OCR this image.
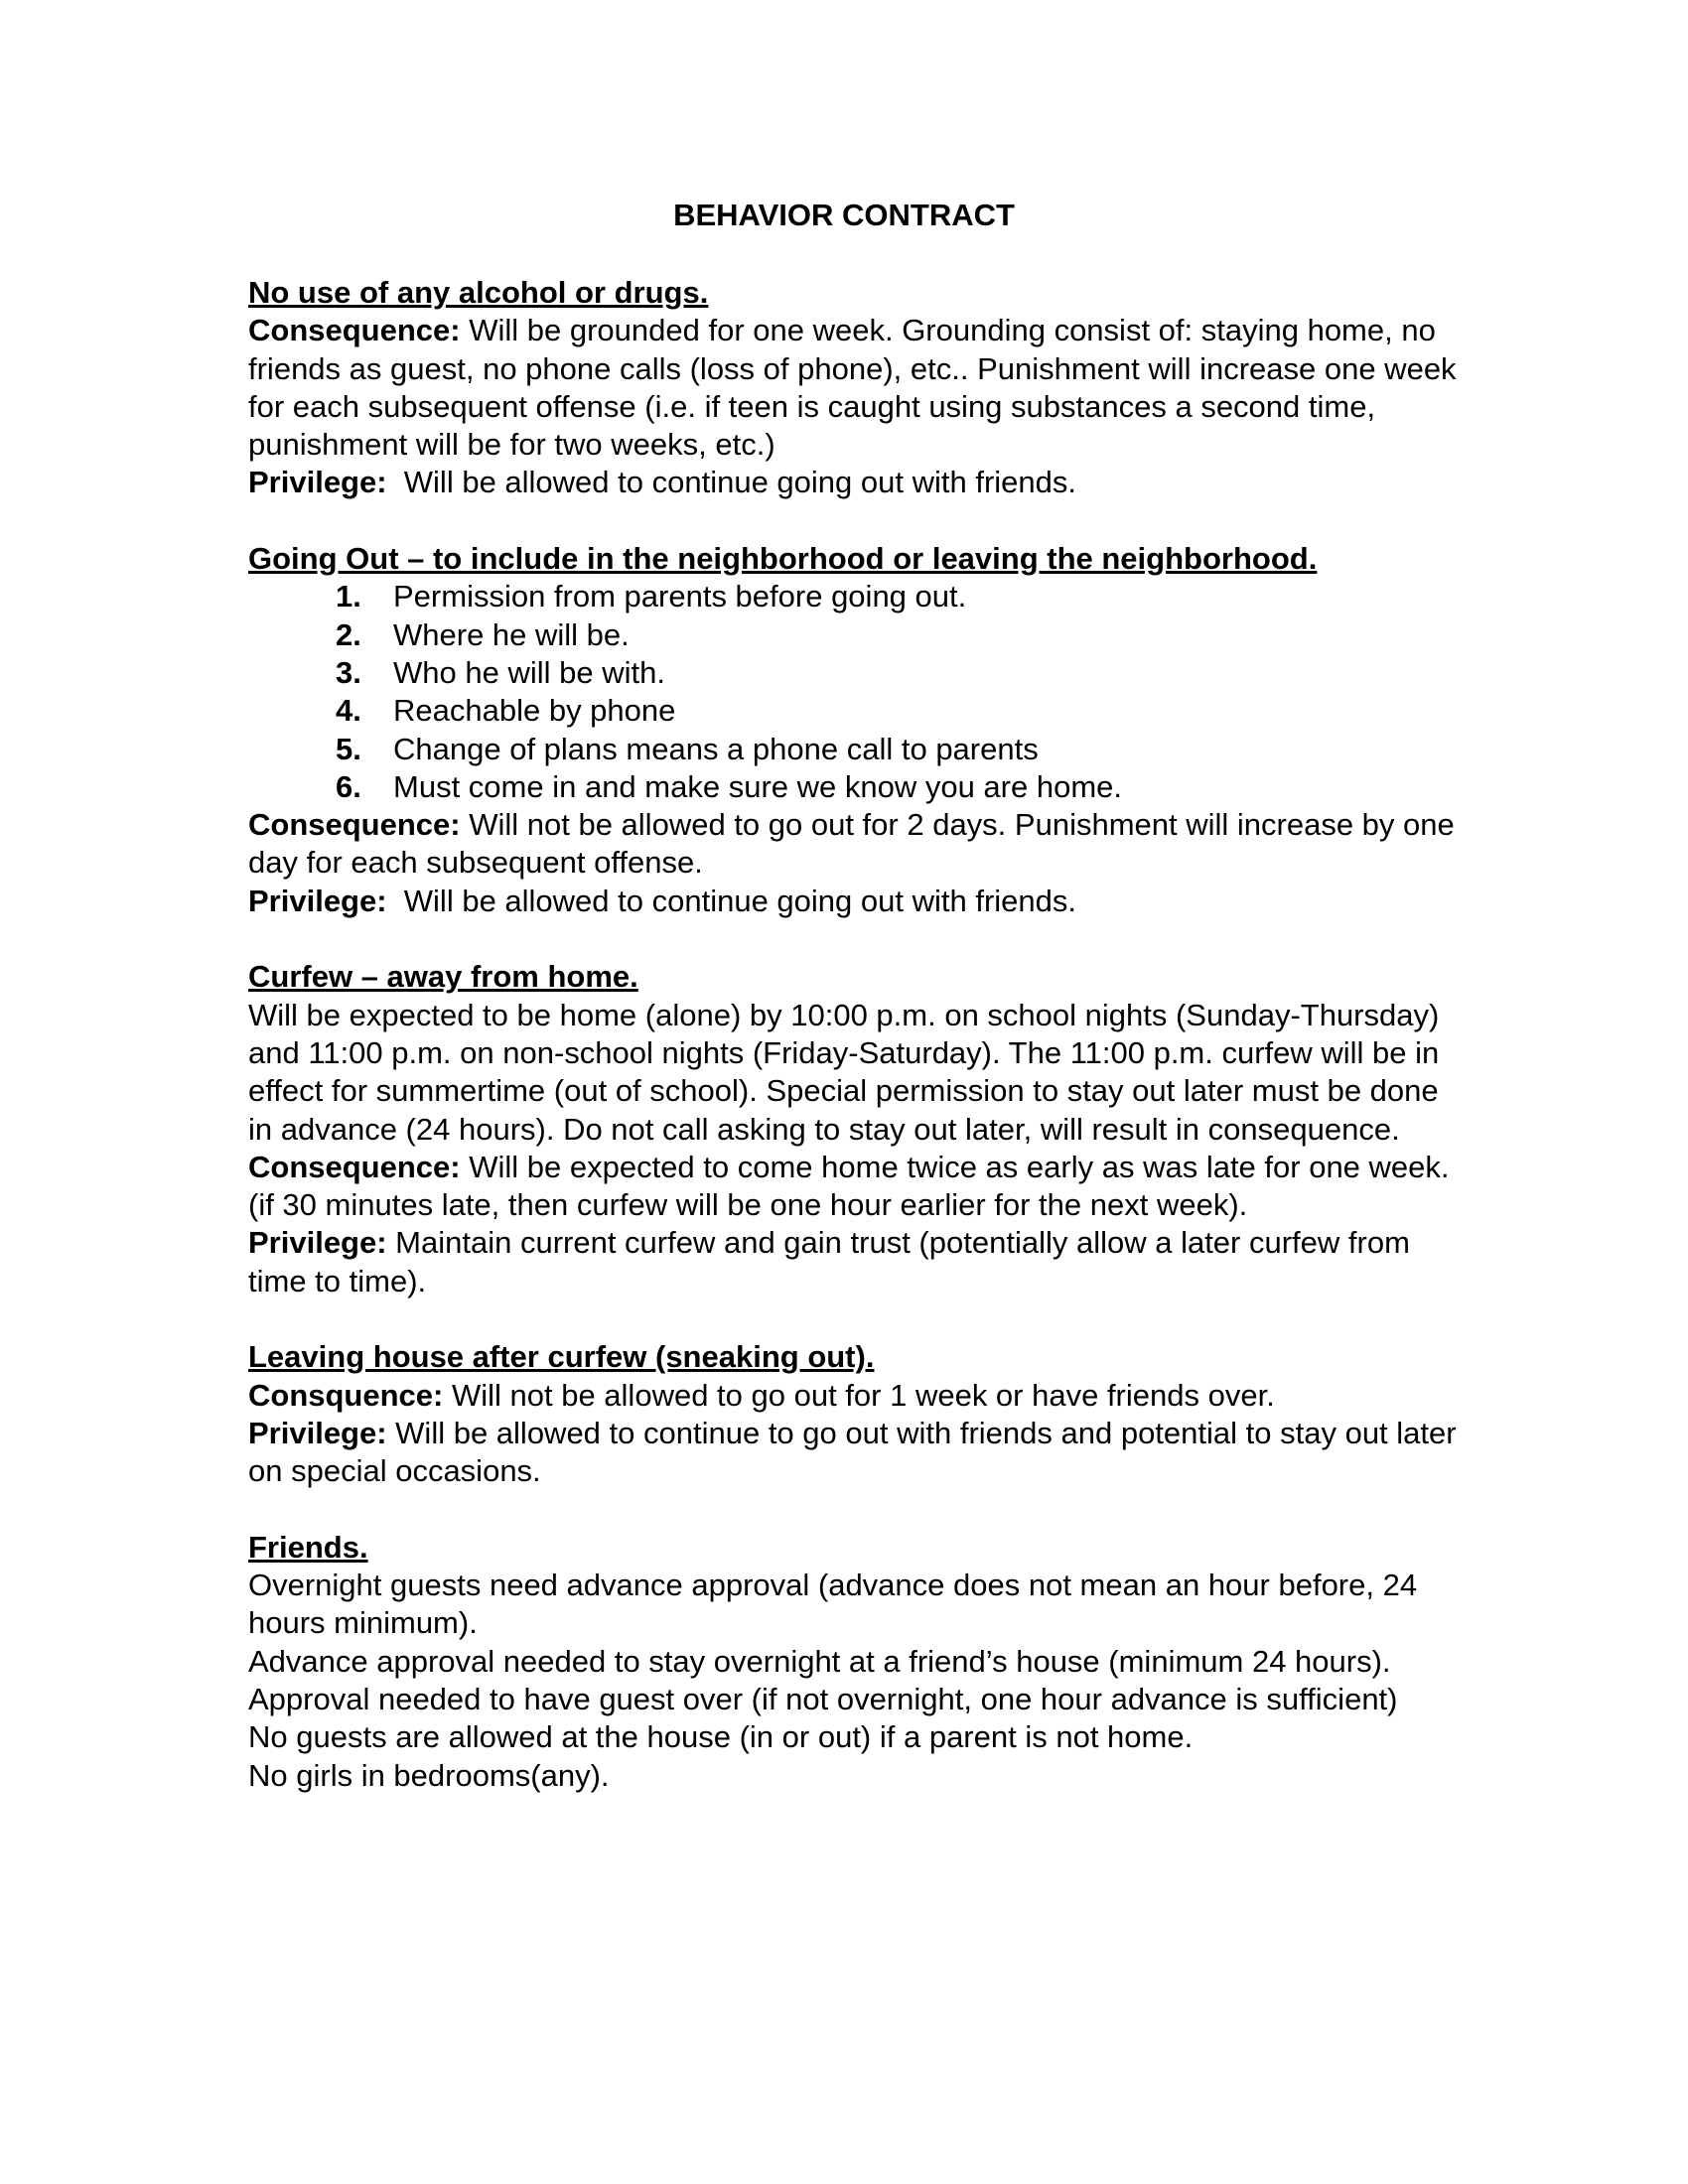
BEHAVIOR CONTRACT
No use of any alcohol or drugs.
Consequence: Will be grounded for one week. Grounding consist of: staying home, no friends as guest, no phone calls (loss of phone), etc.. Punishment will increase one week for each subsequent offense (i.e. if teen is caught using substances a second time, punishment will be for two weeks, etc.)
Privilege:  Will be allowed to continue going out with friends.
Going Out – to include in the neighborhood or leaving the neighborhood.
1.	Permission from parents before going out.
2.	Where he will be.
3.	Who he will be with.
4.	Reachable by phone
5.	Change of plans means a phone call to parents
6.	Must come in and make sure we know you are home.
Consequence: Will not be allowed to go out for 2 days. Punishment will increase by one day for each subsequent offense.
Privilege:  Will be allowed to continue going out with friends.
Curfew – away from home.
Will be expected to be home (alone) by 10:00 p.m. on school nights (Sunday-Thursday) and 11:00 p.m. on non-school nights (Friday-Saturday). The 11:00 p.m. curfew will be in effect for summertime (out of school). Special permission to stay out later must be done in advance (24 hours). Do not call asking to stay out later, will result in consequence.
Consequence: Will be expected to come home twice as early as was late for one week. (if 30 minutes late, then curfew will be one hour earlier for the next week).
Privilege: Maintain current curfew and gain trust (potentially allow a later curfew from time to time).
Leaving house after curfew (sneaking out).
Consquence: Will not be allowed to go out for 1 week or have friends over.
Privilege: Will be allowed to continue to go out with friends and potential to stay out later on special occasions.
Friends.
Overnight guests need advance approval (advance does not mean an hour before, 24 hours minimum).
Advance approval needed to stay overnight at a friend’s house (minimum 24 hours).
Approval needed to have guest over (if not overnight, one hour advance is sufficient)
No guests are allowed at the house (in or out) if a parent is not home.
No girls in bedrooms(any).
